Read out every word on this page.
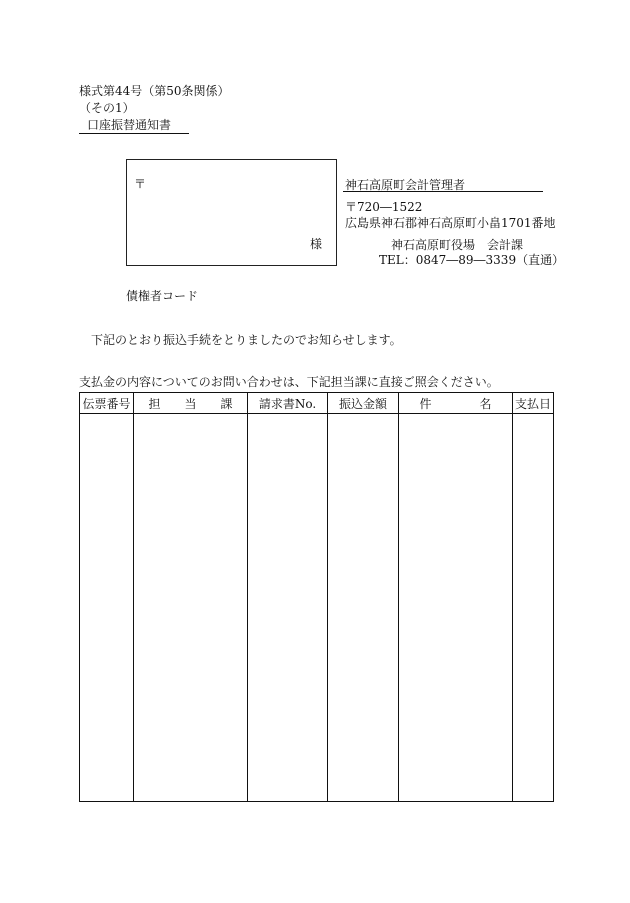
様式第44号（第50条関係）
（その1）
口座振替通知書
〒
様
神石高原町会計管理者
〒720―1522
広島県神石郡神石高原町小畠1701番地
神石高原町役場　会計課
TEL：0847―89―3339（直通）
債権者コード
下記のとおり振込手続をとりましたのでお知らせします。
支払金の内容についてのお問い合わせは、下記担当課に直接ご照会ください。
伝票番号	担　　当　　課	請求書No.	振込金額	件　　　　名	支払日
